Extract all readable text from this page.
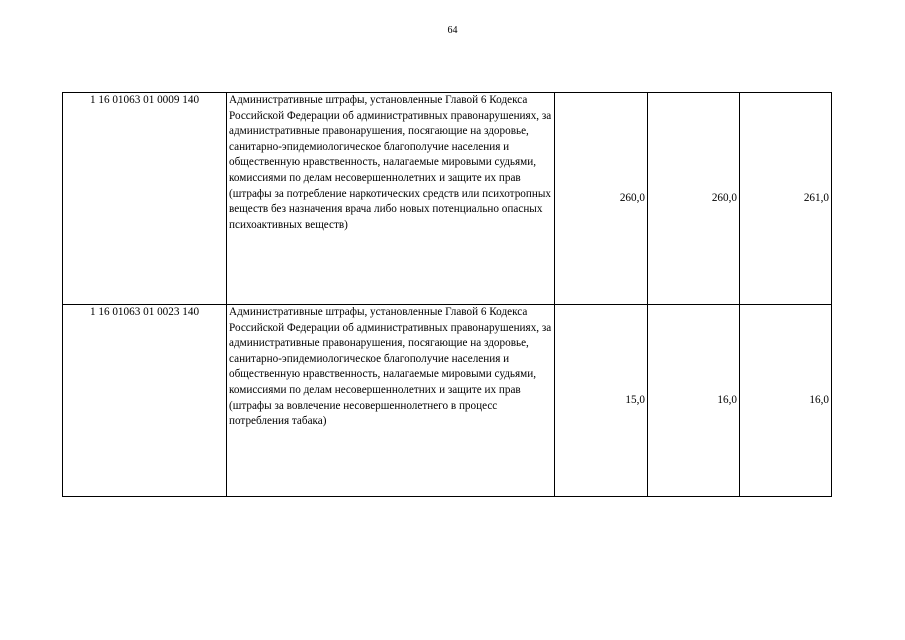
64
1 16 01063 01 0009 140	Административные штрафы, установленные Главой 6 Кодекса Российской Федерации об административных правонарушениях, за административные правонарушения, посягающие на здоровье, санитарно-эпидемиологическое благополучие населения и общественную нравственность, налагаемые мировыми судьями, комиссиями по делам несовершеннолетних и защите их прав (штрафы за потребление наркотических средств или психотропных веществ без назначения врача либо новых потенциально опасных психоактивных веществ)	260,0	260,0	261,0
1 16 01063 01 0023 140	Административные штрафы, установленные Главой 6 Кодекса Российской Федерации об административных правонарушениях, за административные правонарушения, посягающие на здоровье, санитарно-эпидемиологическое благополучие населения и общественную нравственность, налагаемые мировыми судьями, комиссиями по делам несовершеннолетних и защите их прав (штрафы за вовлечение несовершеннолетнего в процесс потребления табака)	15,0	16,0	16,0
